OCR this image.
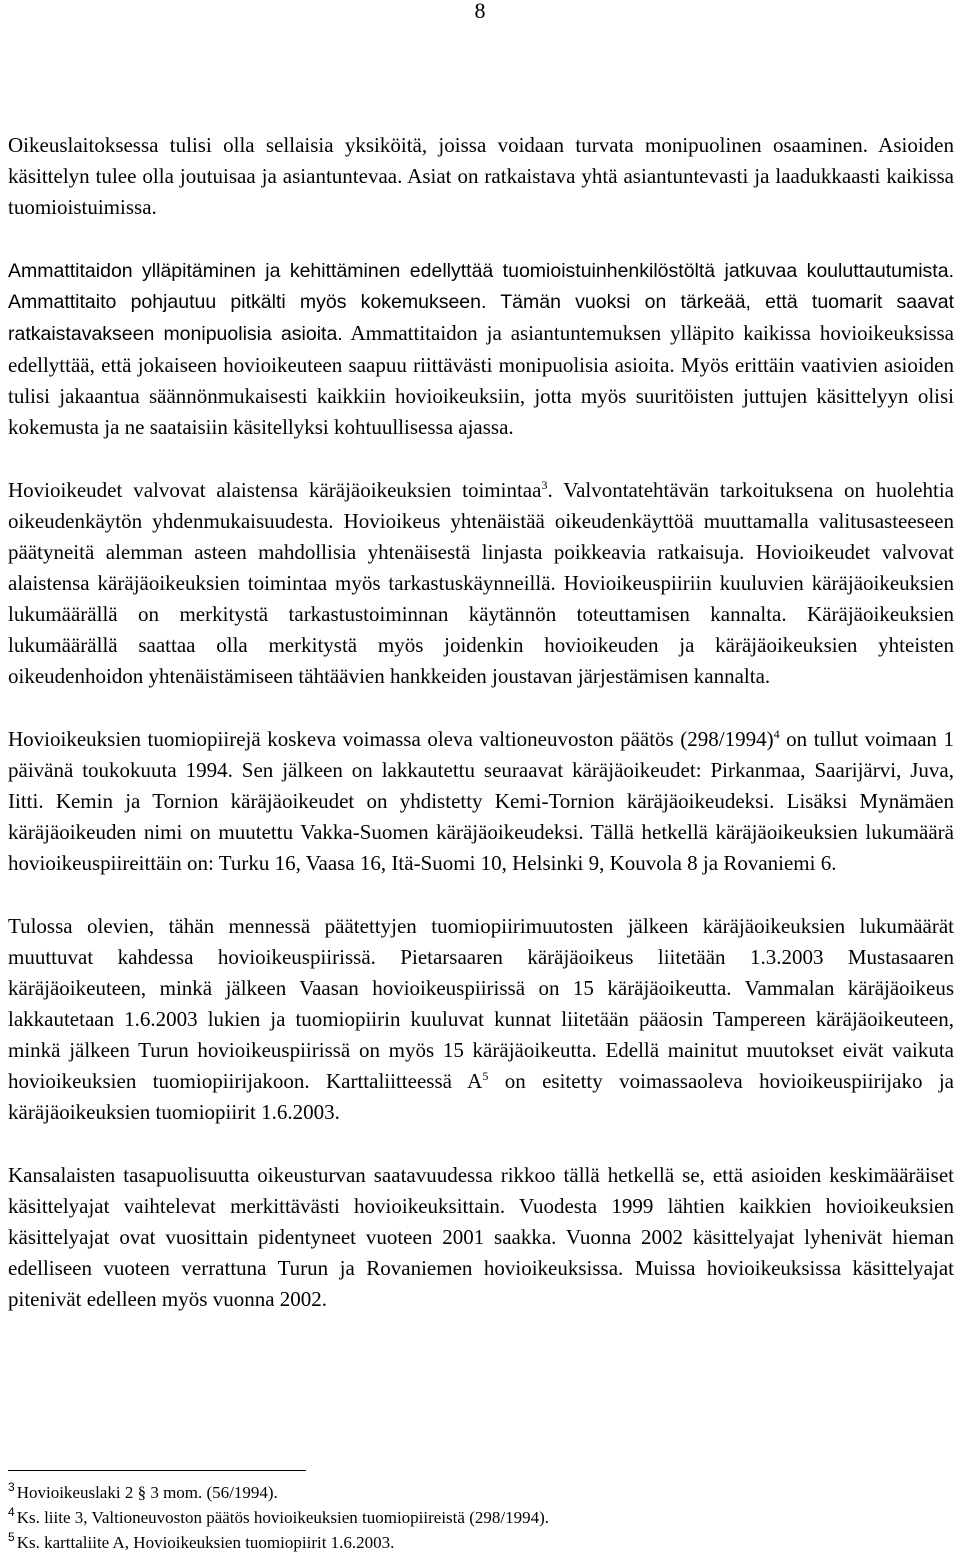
8

Oikeuslaitoksessa tulisi olla sellaisia yksiköitä, joissa voidaan turvata monipuolinen osaaminen. Asioiden käsittelyn tulee olla joutuisaa ja asiantuntevaa. Asiat on ratkaistava yhtä asiantuntevasti ja laadukkaasti kaikissa tuomioistuimissa.

Ammattitaidon ylläpitäminen ja kehittäminen edellyttää tuomioistuinhenkilöstöltä jatkuvaa kouluttautumista. Ammattitaito pohjautuu pitkälti myös kokemukseen. Tämän vuoksi on tärkeää, että tuomarit saavat ratkaistavakseen monipuolisia asioita. Ammattitaidon ja asiantuntemuksen ylläpito kaikissa hovioikeuksissa edellyttää, että jokaiseen hovioikeuteen saapuu riittävästi monipuolisia asioita. Myös erittäin vaativien asioiden tulisi jakaantua säännönmukaisesti kaikkiin hovioikeuksiin, jotta myös suuritöisten juttujen käsittelyyn olisi kokemusta ja ne saataisiin käsitellyksi kohtuullisessa ajassa.

Hovioikeudet valvovat alaistensa käräjäoikeuksien toimintaa$^3$. Valvontatehtävän tarkoituksena on huolehtia oikeudenkäytön yhdenmukaisuudesta. Hovioikeus yhtenäistää oikeudenkäyttöä muuttamalla valitusasteeseen päätyneitä alemman asteen mahdollisia yhtenäisestä linjasta poikkeavia ratkaisuja. Hovioikeudet valvovat alaistensa käräjäoikeuksien toimintaa myös tarkastuskäynneillä. Hovioikeuspiiriin kuuluvien käräjäoikeuksien lukumäärällä on merkitystä tarkastustoiminnan käytännön toteuttamisen kannalta. Käräjäoikeuksien lukumäärällä saattaa olla merkitystä myös joidenkin hovioikeuden ja käräjäoikeuksien yhteisten oikeudenhoidon yhtenäistämiseen tähtäävien hankkeiden joustavan järjestämisen kannalta.

Hovioikeuksien tuomiopiirejä koskeva voimassa oleva valtioneuvoston päätös $(298/1994)^4$ on tullut voimaan 1 päivänä toukokuuta 1994. Sen jälkeen on lakkautettu seuraavat käräjäoikeudet: Pirkanmaa, Saarijärvi, Juva, Iitti. Kemin ja Tornion käräjäoikeudet on yhdistetty Kemi-Tornion käräjäoikeudeksi. Lisäksi Mynämäen käräjäoikeuden nimi on muutettu Vakka-Suomen käräjäoikeudeksi. Tällä hetkellä käräjäoikeuksien lukumäärä hovioikeuspiireittäin on: Turku 16, Vaasa 16, Itä-Suomi 10, Helsinki 9, Kouvola 8 ja Rovaniemi 6.

Tulossa olevien, tähän mennessä päätettyjen tuomiopiirimuutosten jälkeen käräjäoikeuksien lukumäärät muuttuvat kahdessa hovioikeuspiirissä. Pietarsaaren käräjäoikeus liitetään 1.3.2003 Mustasaaren käräjäoikeuteen, minkä jälkeen Vaasan hovioikeuspiirissä on 15 käräjäoikeutta. Vammalan käräjäoikeus lakkautetaan 1.6.2003 lukien ja tuomiopiirin kuuluvat kunnat liitetään pääosin Tampereen käräjäoikeuteen, minkä jälkeen Turun hovioikeuspiirissä on myös 15 käräjäoikeutta. Edellä mainitut muutokset eivät vaikuta hovioikeuksien tuomiopiirijakoon. Karttaliitteessä $A^5$ on esitetty voimassaoleva hovioikeuspiirijako ja käräjäoikeuksien tuomiopiirit 1.6.2003.

Kansalaisten tasapuolisuutta oikeusturvan saatavuudessa rikkoo tällä hetkellä se, että asioiden keskimääräiset käsittelyajat vaihtelevat merkittävästi hovioikeuksittain. Vuodesta 1999 lähtien kaikkien hovioikeuksien käsittelyajat ovat vuosittain pidentyneet vuoteen 2001 saakka. Vuonna 2002 käsittelyajat lyhenivät hieman edelliseen vuoteen verrattuna Turun ja Rovaniemen hovioikeuksissa. Muissa hovioikeuksissa käsittelyajat pitenivät edelleen myös vuonna 2002.

$^3$ Hovioikeuslaki 2 § 3 mom. (56/1994).
$^4$ Ks. liite 3, Valtioneuvoston päätös hovioikeuksien tuomiopiireistä (298/1994).
$^5$ Ks. karttaliite A, Hovioikeuksien tuomiopiirit 1.6.2003.
